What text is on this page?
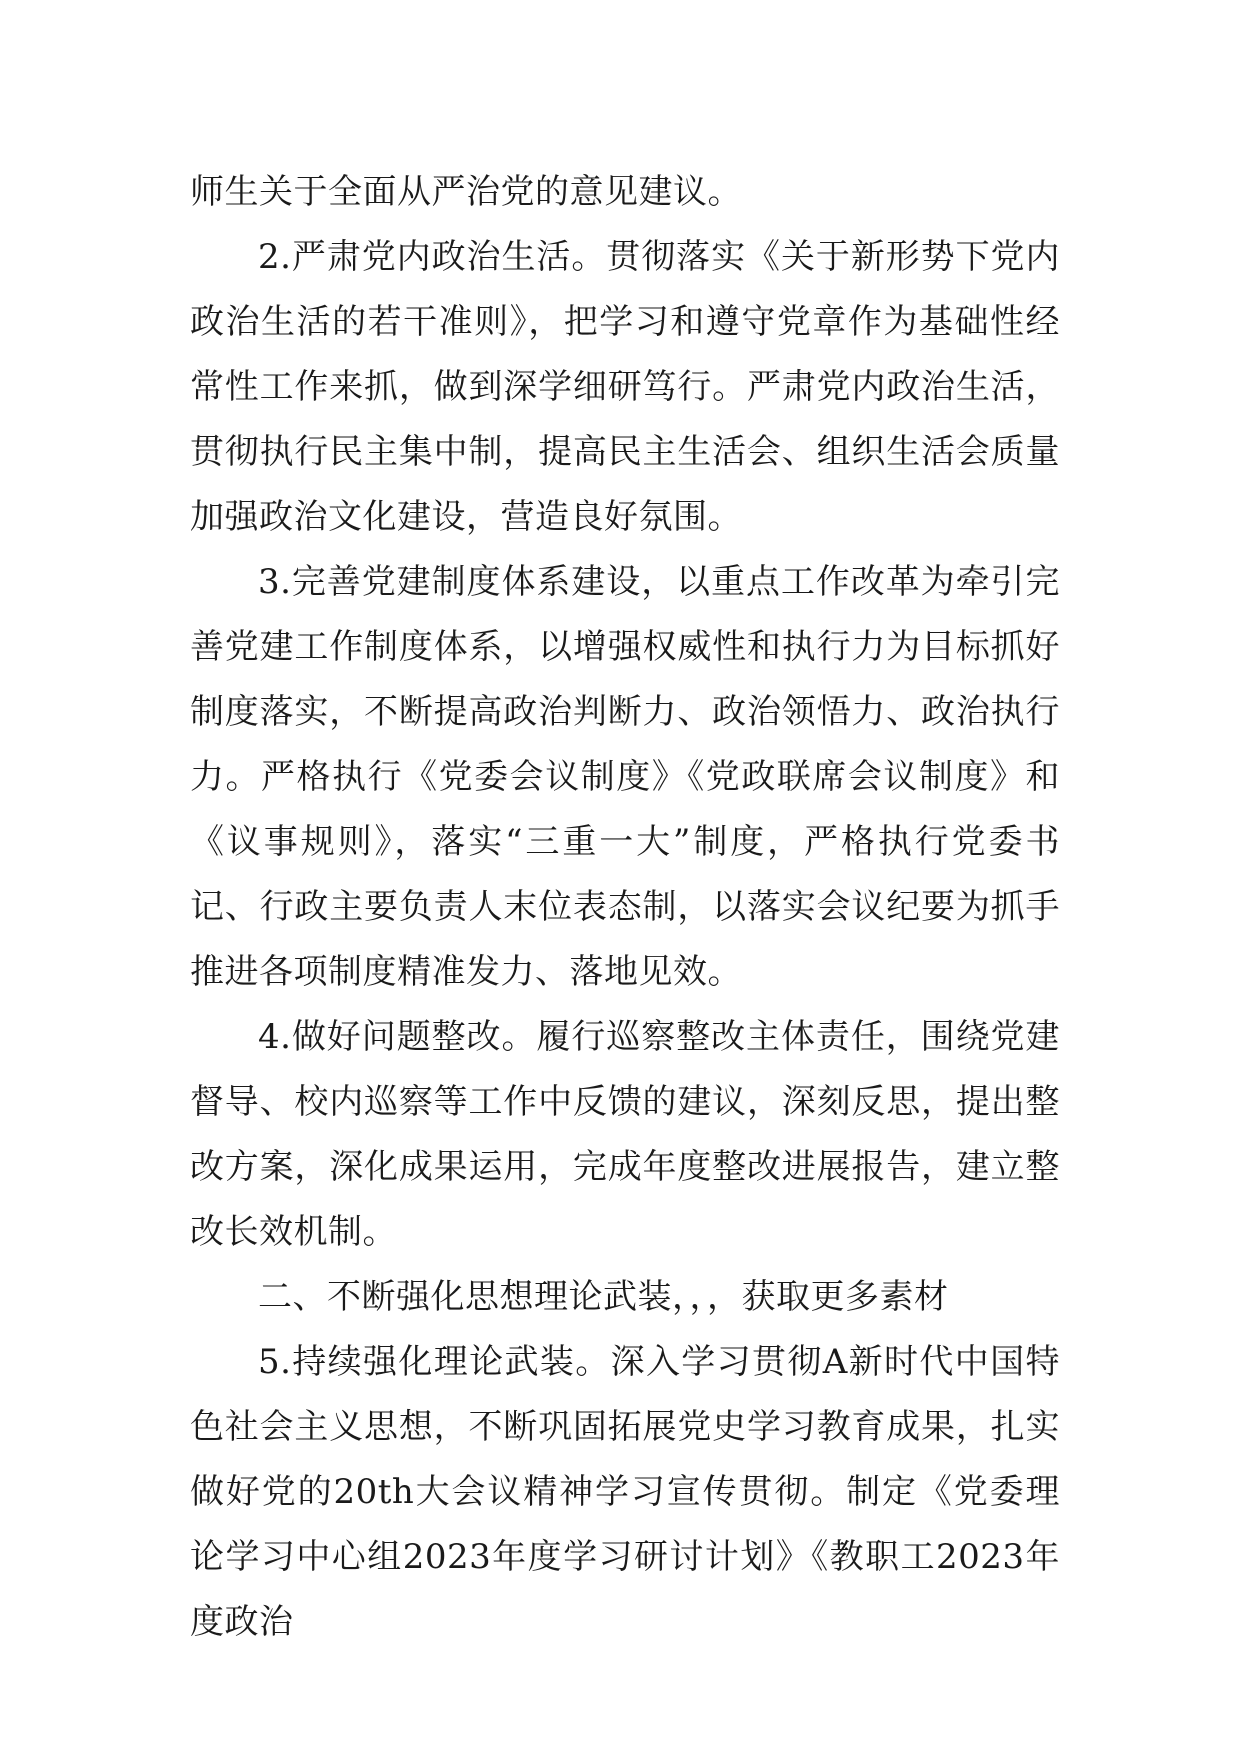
师生关于全面从严治党的意见建议。

2.严肃党内政治生活。贯彻落实《关于新形势下党内政治生活的若干准则》，把学习和遵守党章作为基础性经常性工作来抓，做到深学细研笃行。严肃党内政治生活，贯彻执行民主集中制，提高民主生活会、组织生活会质量加强政治文化建设，营造良好氛围。

3.完善党建制度体系建设，以重点工作改革为牵引完善党建工作制度体系，以增强权威性和执行力为目标抓好制度落实，不断提高政治判断力、政治领悟力、政治执行力。严格执行《党委会议制度》《党政联席会议制度》和《议事规则》，落实“三重一大”制度，严格执行党委书记、行政主要负责人末位表态制，以落实会议纪要为抓手推进各项制度精准发力、落地见效。

4.做好问题整改。履行巡察整改主体责任，围绕党建督导、校内巡察等工作中反馈的建议，深刻反思，提出整改方案，深化成果运用，完成年度整改进展报告，建立整改长效机制。

二、不断强化思想理论武装，，，获取更多素材

5.持续强化理论武装。深入学习贯彻A新时代中国特色社会主义思想，不断巩固拓展党史学习教育成果，扎实做好党的20th大会议精神学习宣传贯彻。制定《党委理论学习中心组2023年度学习研讨计划》《教职工2023年度政治
